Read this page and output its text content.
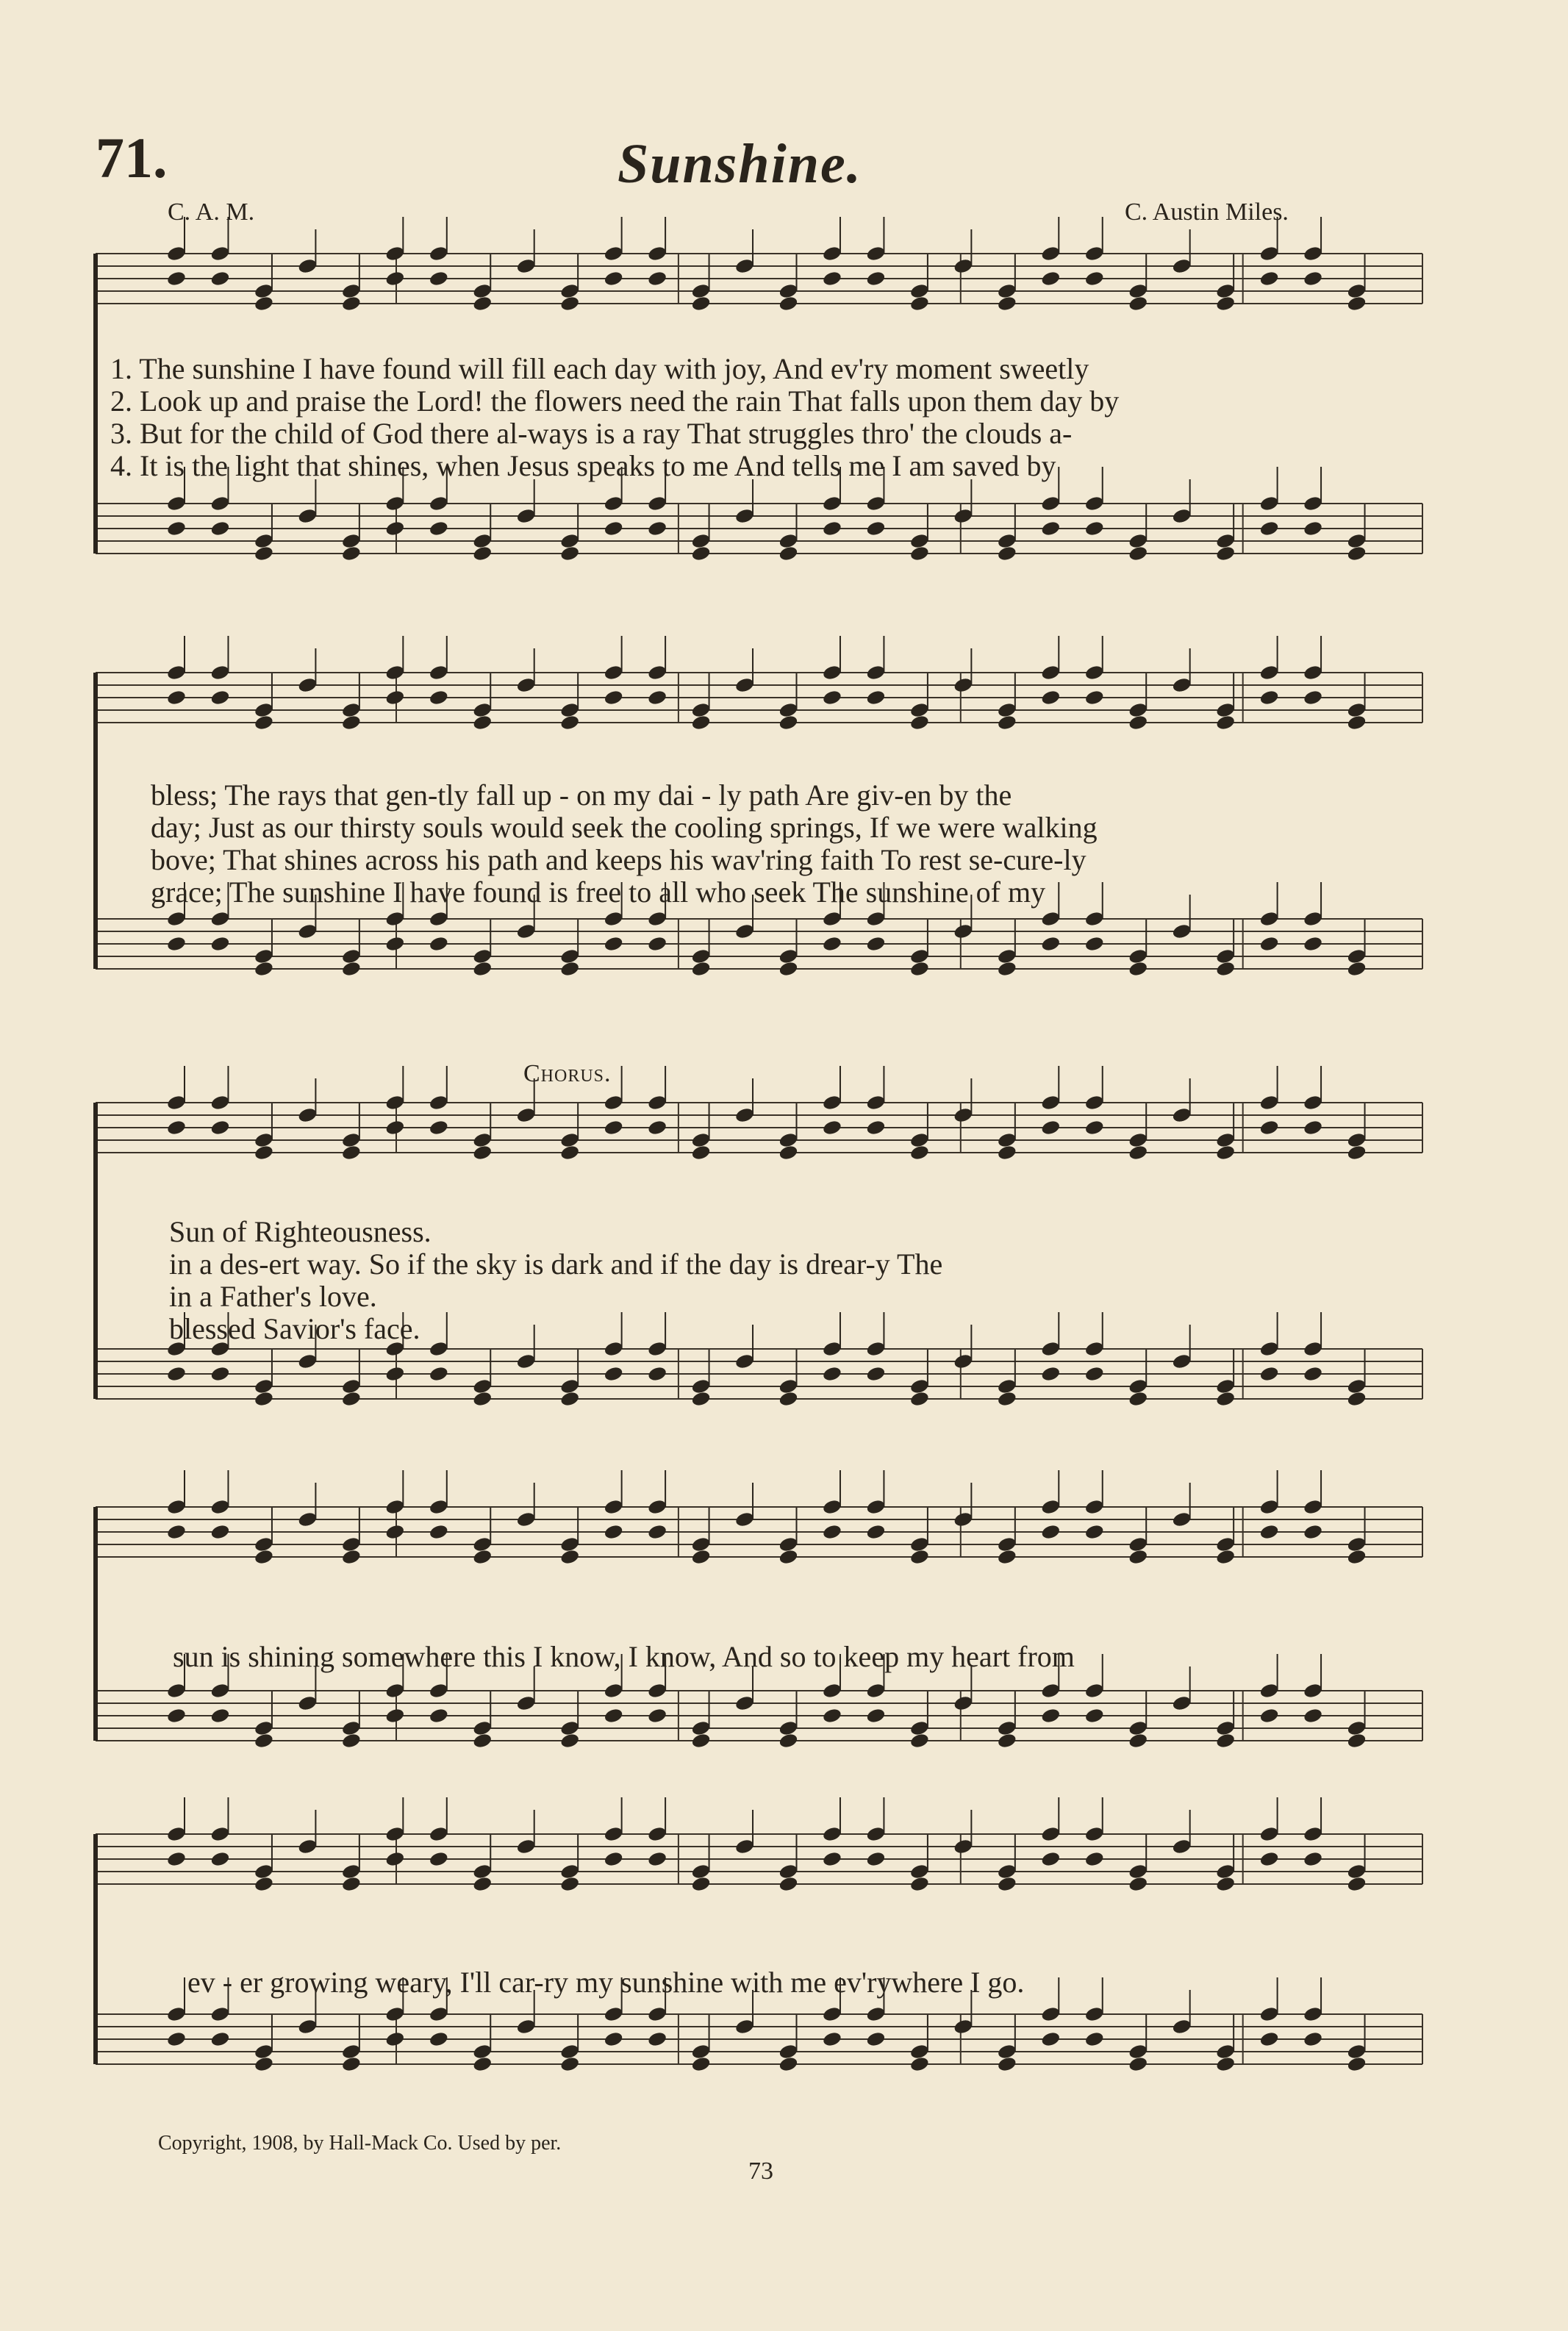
71.	Sunshine.
C. A. M.	C. Austin Miles.
1. The sunshine I have found will fill each day with joy, And ev'ry moment sweetly
2. Look up and praise the Lord! the flowers need the rain That falls upon them day by
3. But for the child of God there al-ways is a ray That struggles thro' the clouds a-
4. It is the light that shines, when Jesus speaks to me And tells me I am saved by
bless; The rays that gen-tly fall up - on my dai - ly path Are giv-en by the
day; Just as our thirsty souls would seek the cooling springs, If we were walking
bove; That shines across his path and keeps his wav'ring faith To rest se-cure-ly
grace; The sunshine I have found is free to all who seek The sunshine of my
Chorus.
Sun of Righteousness.
in a des-ert way. So if the sky is dark and if the day is drear-y The
in a Father's love.
blessed Savior's face.
sun is shining somewhere this I know, I know, And so to keep my heart from
ev - er growing weary, I'll car-ry my sunshine with me ev'rywhere I go.
Copyright, 1908, by Hall-Mack Co. Used by per.
73
